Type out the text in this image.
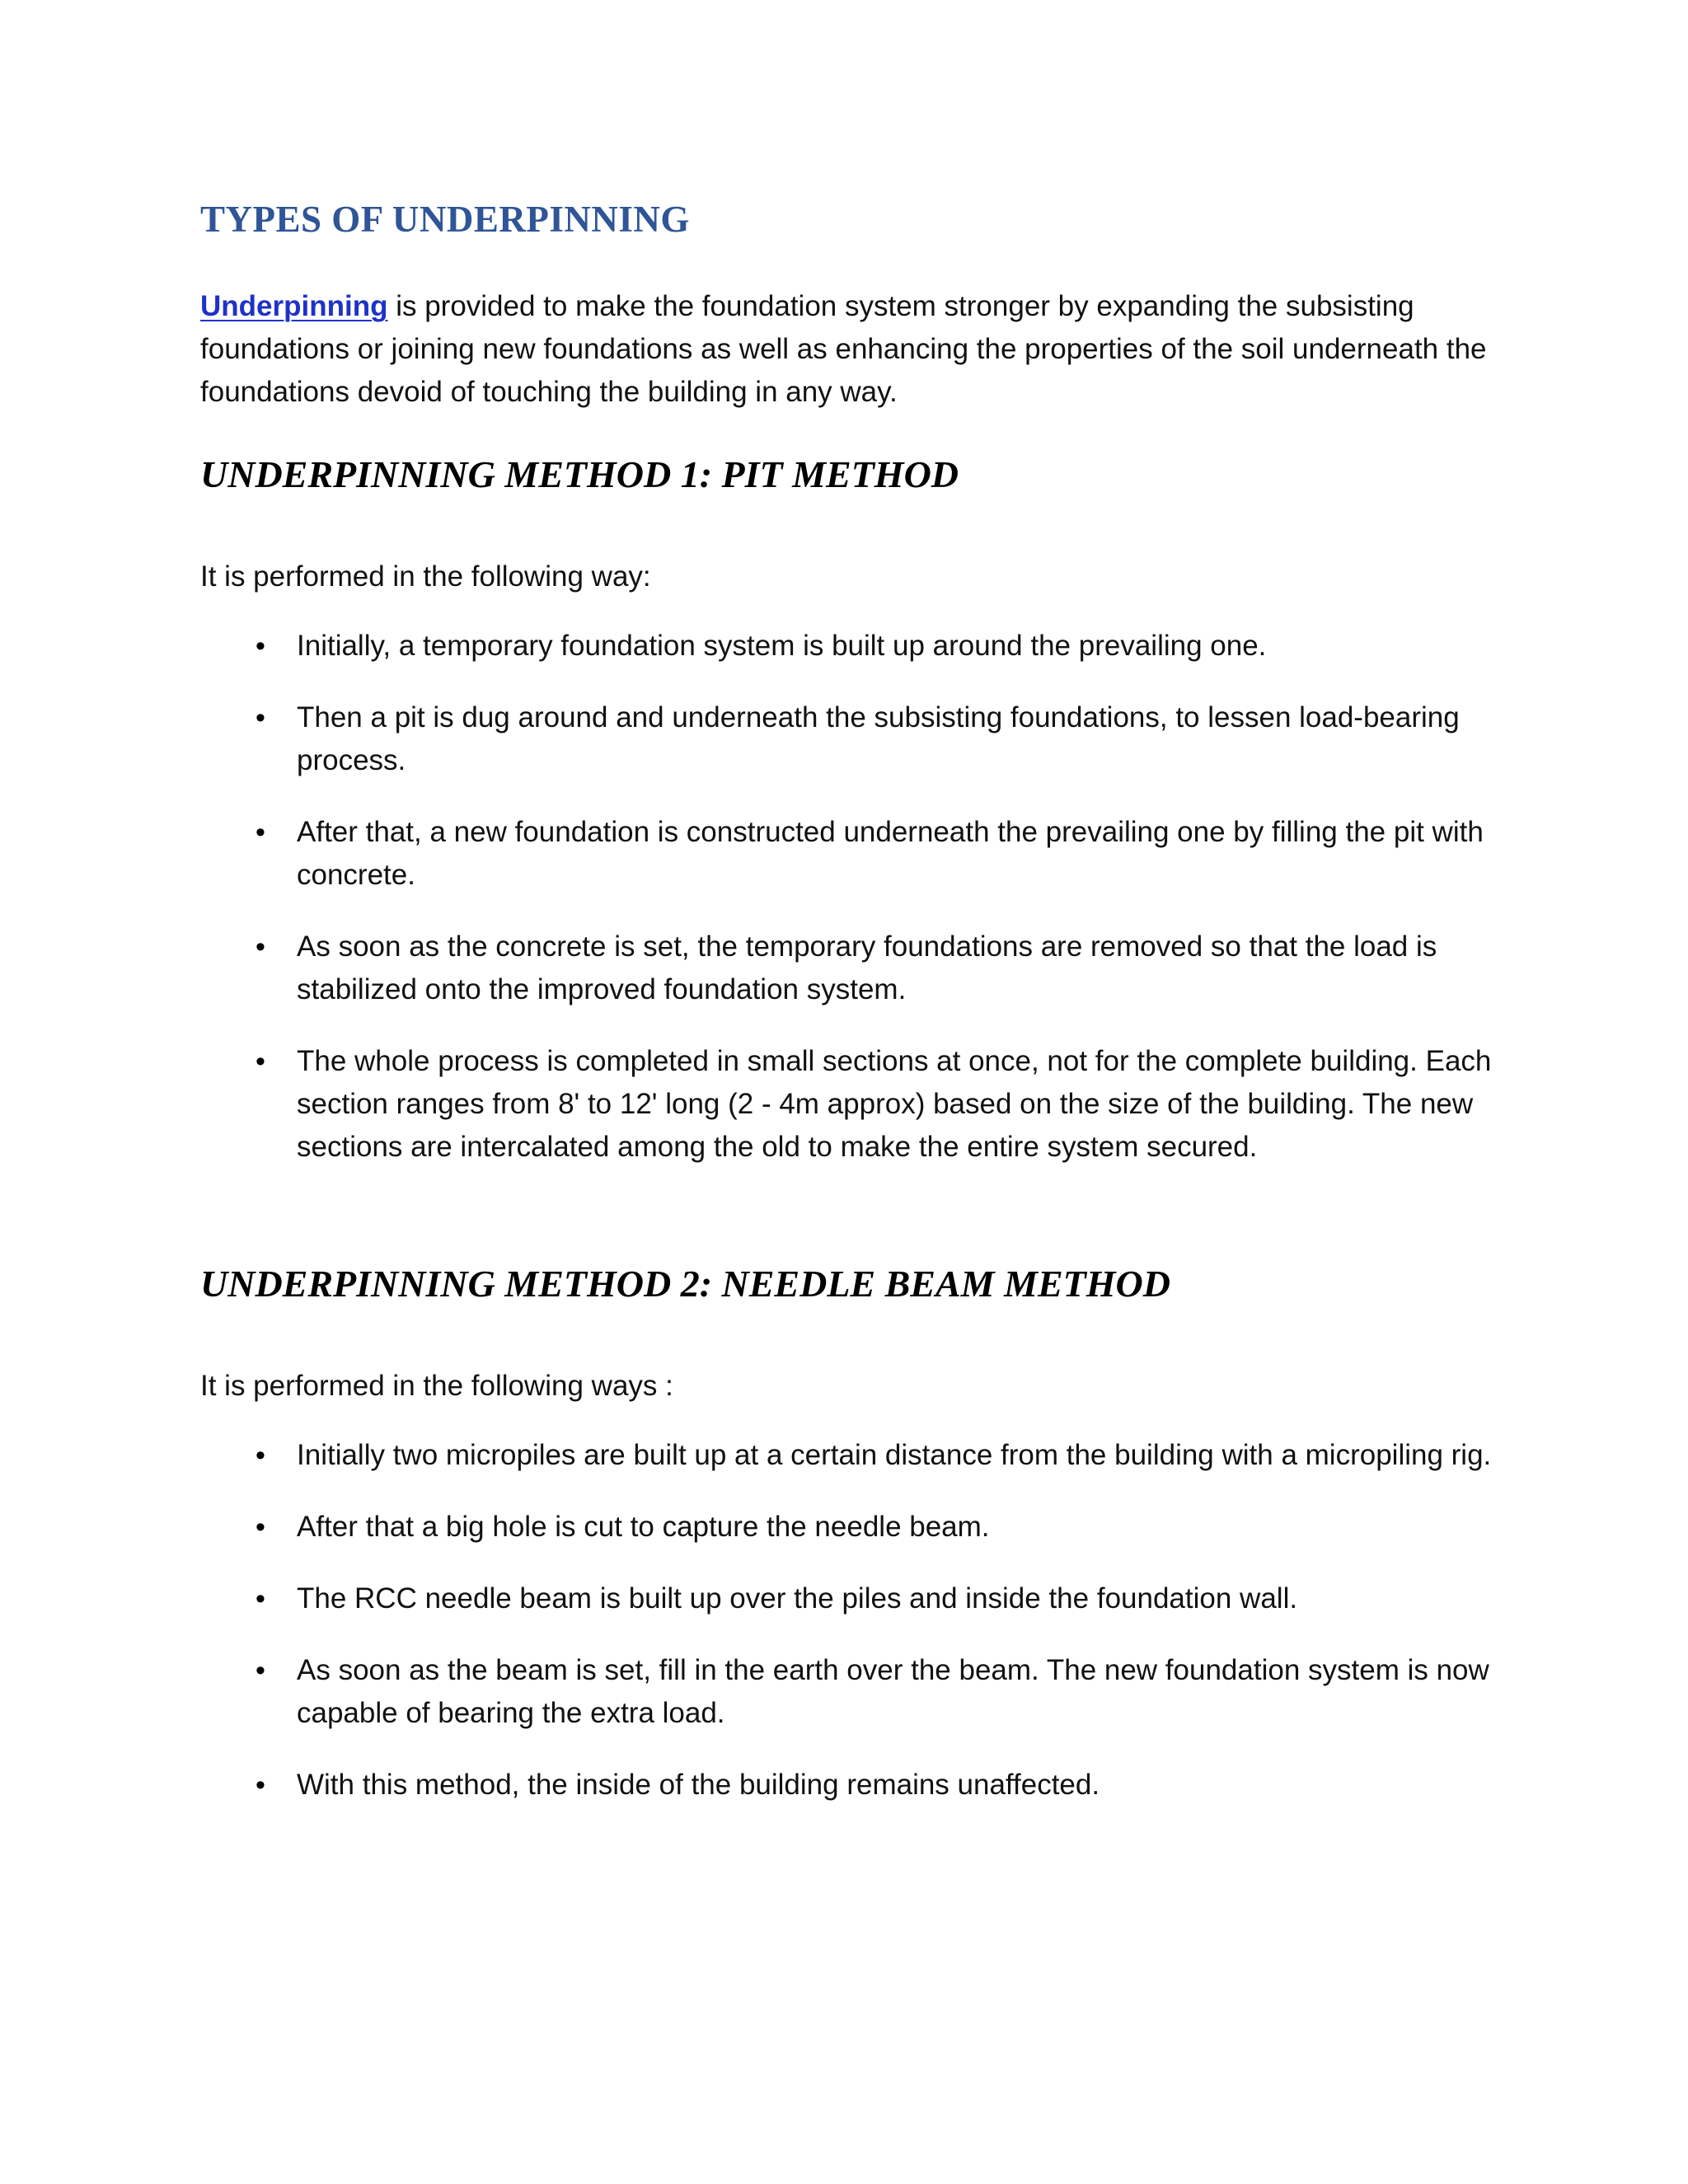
TYPES OF UNDERPINNING

Underpinning is provided to make the foundation system stronger by expanding the subsisting foundations or joining new foundations as well as enhancing the properties of the soil underneath the foundations devoid of touching the building in any way.

UNDERPINNING METHOD 1: PIT METHOD

It is performed in the following way:

• Initially, a temporary foundation system is built up around the prevailing one.
• Then a pit is dug around and underneath the subsisting foundations, to lessen load-bearing process.
• After that, a new foundation is constructed underneath the prevailing one by filling the pit with concrete.
• As soon as the concrete is set, the temporary foundations are removed so that the load is stabilized onto the improved foundation system.
• The whole process is completed in small sections at once, not for the complete building. Each section ranges from 8' to 12' long (2 - 4m approx) based on the size of the building. The new sections are intercalated among the old to make the entire system secured.
UNDERPINNING METHOD 2: NEEDLE BEAM METHOD

It is performed in the following ways :

• Initially two micropiles are built up at a certain distance from the building with a micropiling rig.
• After that a big hole is cut to capture the needle beam.
• The RCC needle beam is built up over the piles and inside the foundation wall.
• As soon as the beam is set, fill in the earth over the beam. The new foundation system is now capable of bearing the extra load.
• With this method, the inside of the building remains unaffected.
